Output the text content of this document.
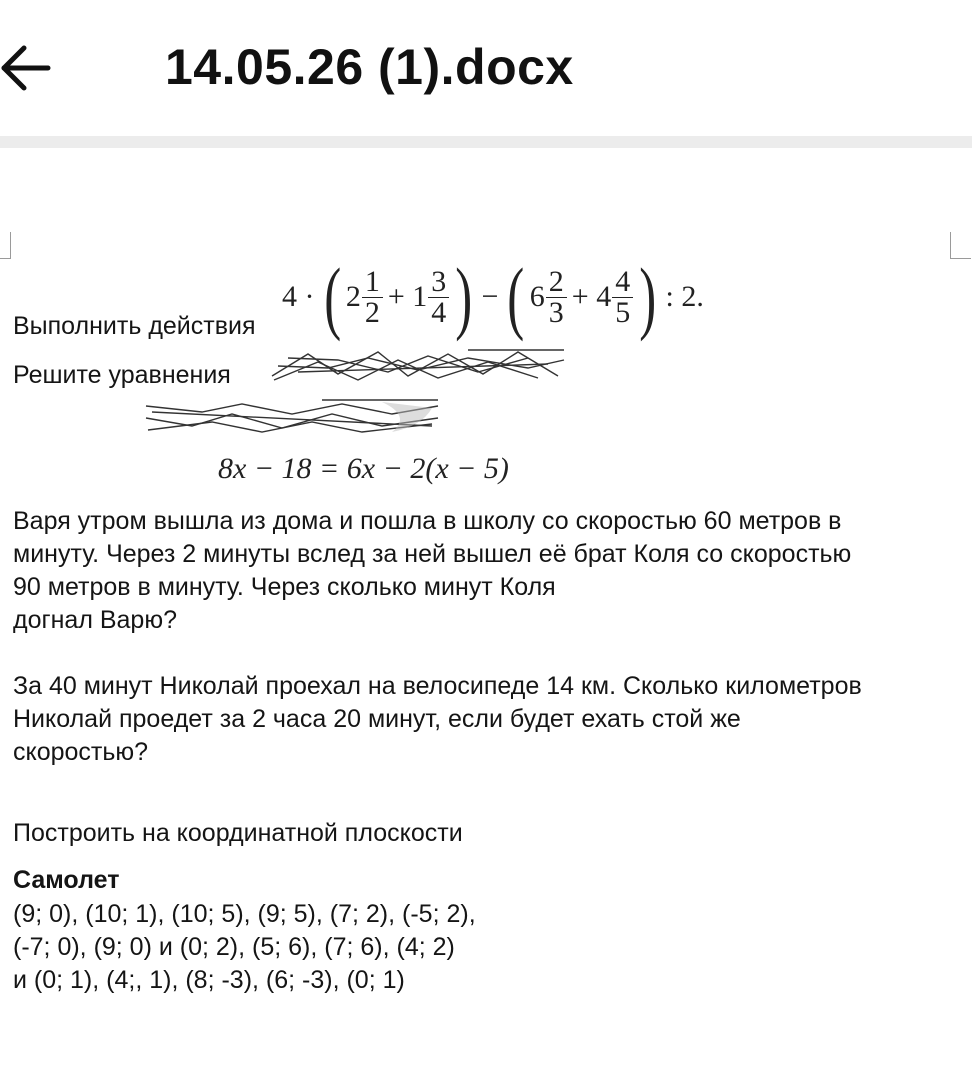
14.05.26 (1).docx
Выполнить действия
4 · ( $2 \frac{1}{2} + 1 \frac{3}{4}$ ) − ( $6 \frac{2}{3} + 4 \frac{4}{5}$ ) : 2.
Решите уравнения
8x − 18 = 6x − 2(x − 5)
Варя утром вышла из дома и пошла в школу со скоростью 60 метров в
минуту. Через 2 минуты вслед за ней вышел её брат Коля со скоростью
90 метров в минуту. Через сколько минут Коля
догнал Варю?
За 40 минут Николай проехал на велосипеде 14 км. Сколько километров
Николай проедет за 2 часа 20 минут, если будет ехать стой же
скоростью?
Построить на координатной плоскости
Самолет
(9; 0), (10; 1), (10; 5), (9; 5), (7; 2), (-5; 2),
(-7; 0), (9; 0) и (0; 2), (5; 6), (7; 6), (4; 2)
и (0; 1), (4;, 1), (8; -3), (6; -3), (0; 1)
